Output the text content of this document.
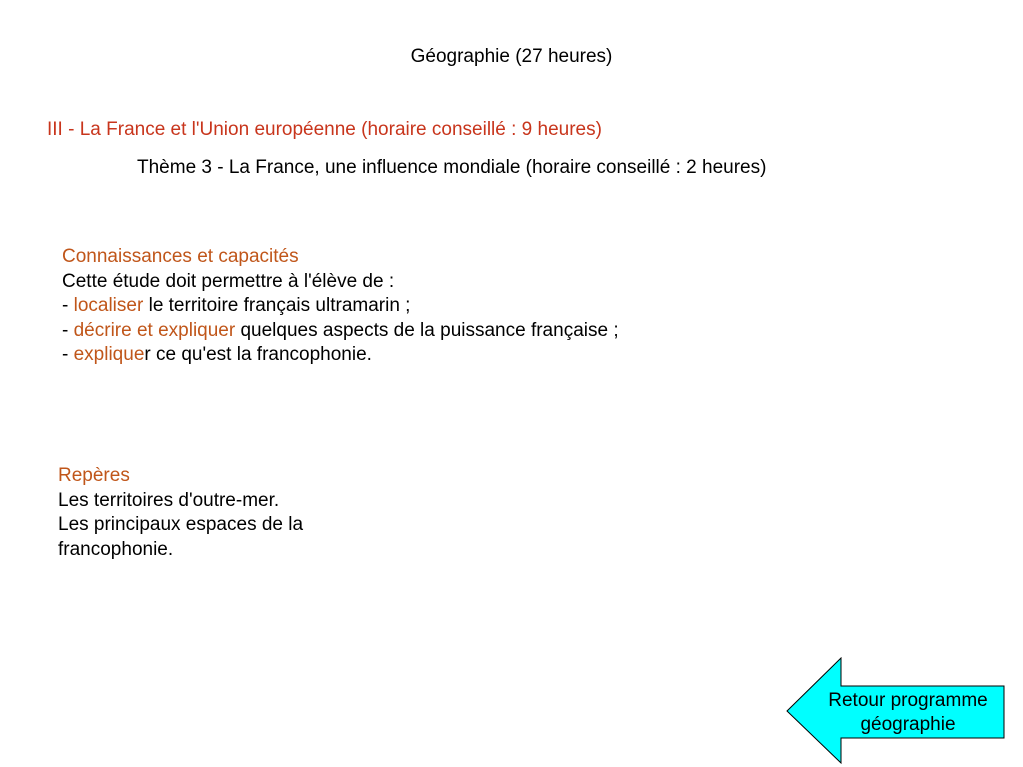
Géographie (27 heures)
III - La France et l'Union européenne (horaire conseillé : 9 heures)
Thème 3 - La France, une influence mondiale (horaire conseillé : 2 heures)
Connaissances et capacités
Cette étude doit permettre à l'élève de :
- localiser le territoire français ultramarin ;
- décrire et expliquer quelques aspects de la puissance française ;
- expliquer ce qu'est la francophonie.
Repères
Les territoires d'outre-mer.
Les principaux espaces de la
francophonie.
Retour programme
géographie
